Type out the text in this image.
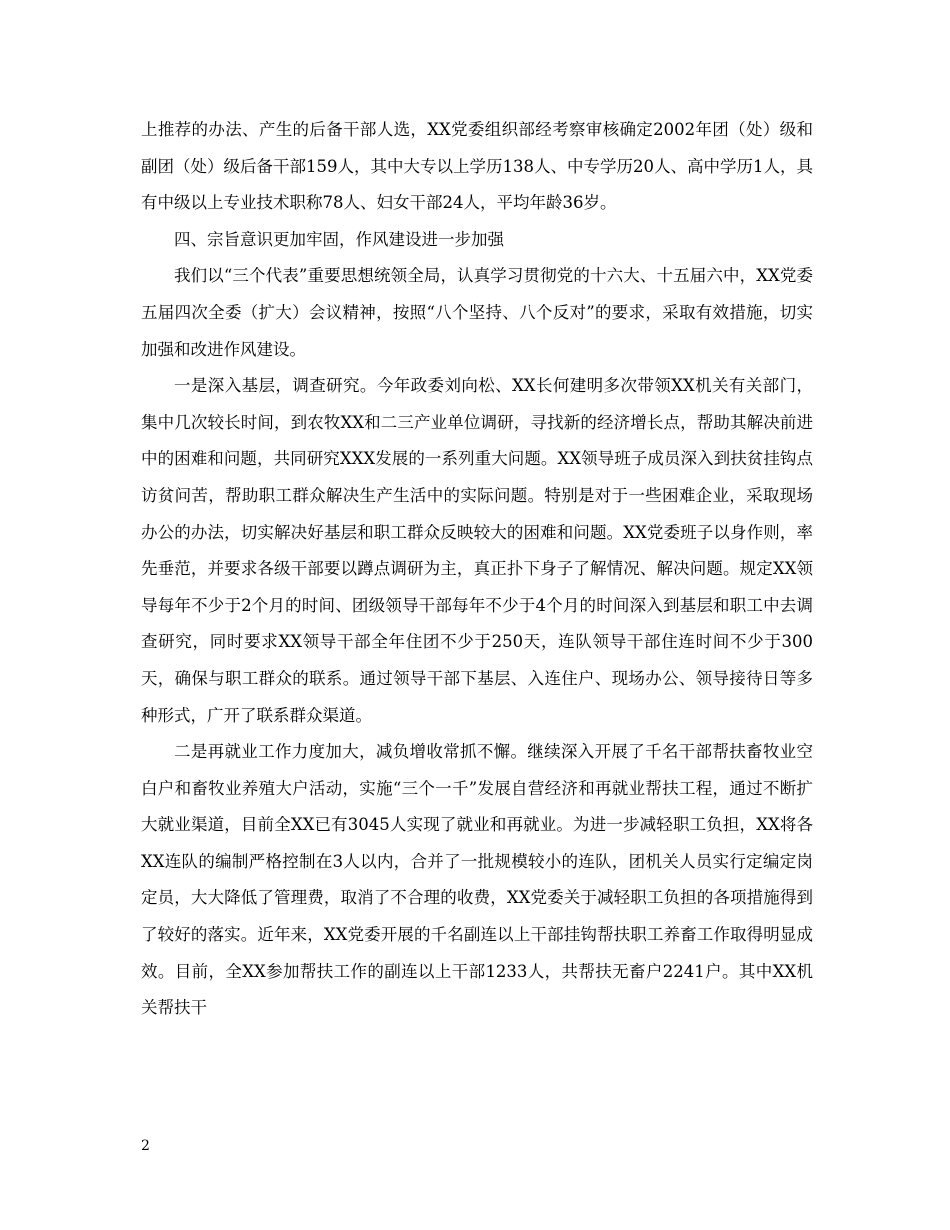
上推荐的办法、产生的后备干部人选，XX党委组织部经考察审核确定2002年团（处）级和副团（处）级后备干部159人，其中大专以上学历138人、中专学历20人、高中学历1人，具有中级以上专业技术职称78人、妇女干部24人，平均年龄36岁。

四、宗旨意识更加牢固，作风建设进一步加强

我们以“三个代表”重要思想统领全局，认真学习贯彻党的十六大、十五届六中，XX党委五届四次全委（扩大）会议精神，按照“八个坚持、八个反对”的要求，采取有效措施，切实加强和改进作风建设。

一是深入基层，调查研究。今年政委刘向松、XX长何建明多次带领XX机关有关部门，集中几次较长时间，到农牧XX和二三产业单位调研，寻找新的经济增长点，帮助其解决前进中的困难和问题，共同研究XXX发展的一系列重大问题。XX领导班子成员深入到扶贫挂钩点访贫问苦，帮助职工群众解决生产生活中的实际问题。特别是对于一些困难企业，采取现场办公的办法，切实解决好基层和职工群众反映较大的困难和问题。XX党委班子以身作则，率先垂范，并要求各级干部要以蹲点调研为主，真正扑下身子了解情况、解决问题。规定XX领导每年不少于2个月的时间、团级领导干部每年不少于4个月的时间深入到基层和职工中去调查研究，同时要求XX领导干部全年住团不少于250天，连队领导干部住连时间不少于300天，确保与职工群众的联系。通过领导干部下基层、入连住户、现场办公、领导接待日等多种形式，广开了联系群众渠道。

二是再就业工作力度加大，减负增收常抓不懈。继续深入开展了千名干部帮扶畜牧业空白户和畜牧业养殖大户活动，实施“三个一千”发展自营经济和再就业帮扶工程，通过不断扩大就业渠道，目前全XX已有3045人实现了就业和再就业。为进一步减轻职工负担，XX将各XX连队的编制严格控制在3人以内，合并了一批规模较小的连队，团机关人员实行定编定岗定员，大大降低了管理费，取消了不合理的收费，XX党委关于减轻职工负担的各项措施得到了较好的落实。近年来，XX党委开展的千名副连以上干部挂钩帮扶职工养畜工作取得明显成效。目前，全XX参加帮扶工作的副连以上干部1233人，共帮扶无畜户2241户。其中XX机关帮扶干

2
